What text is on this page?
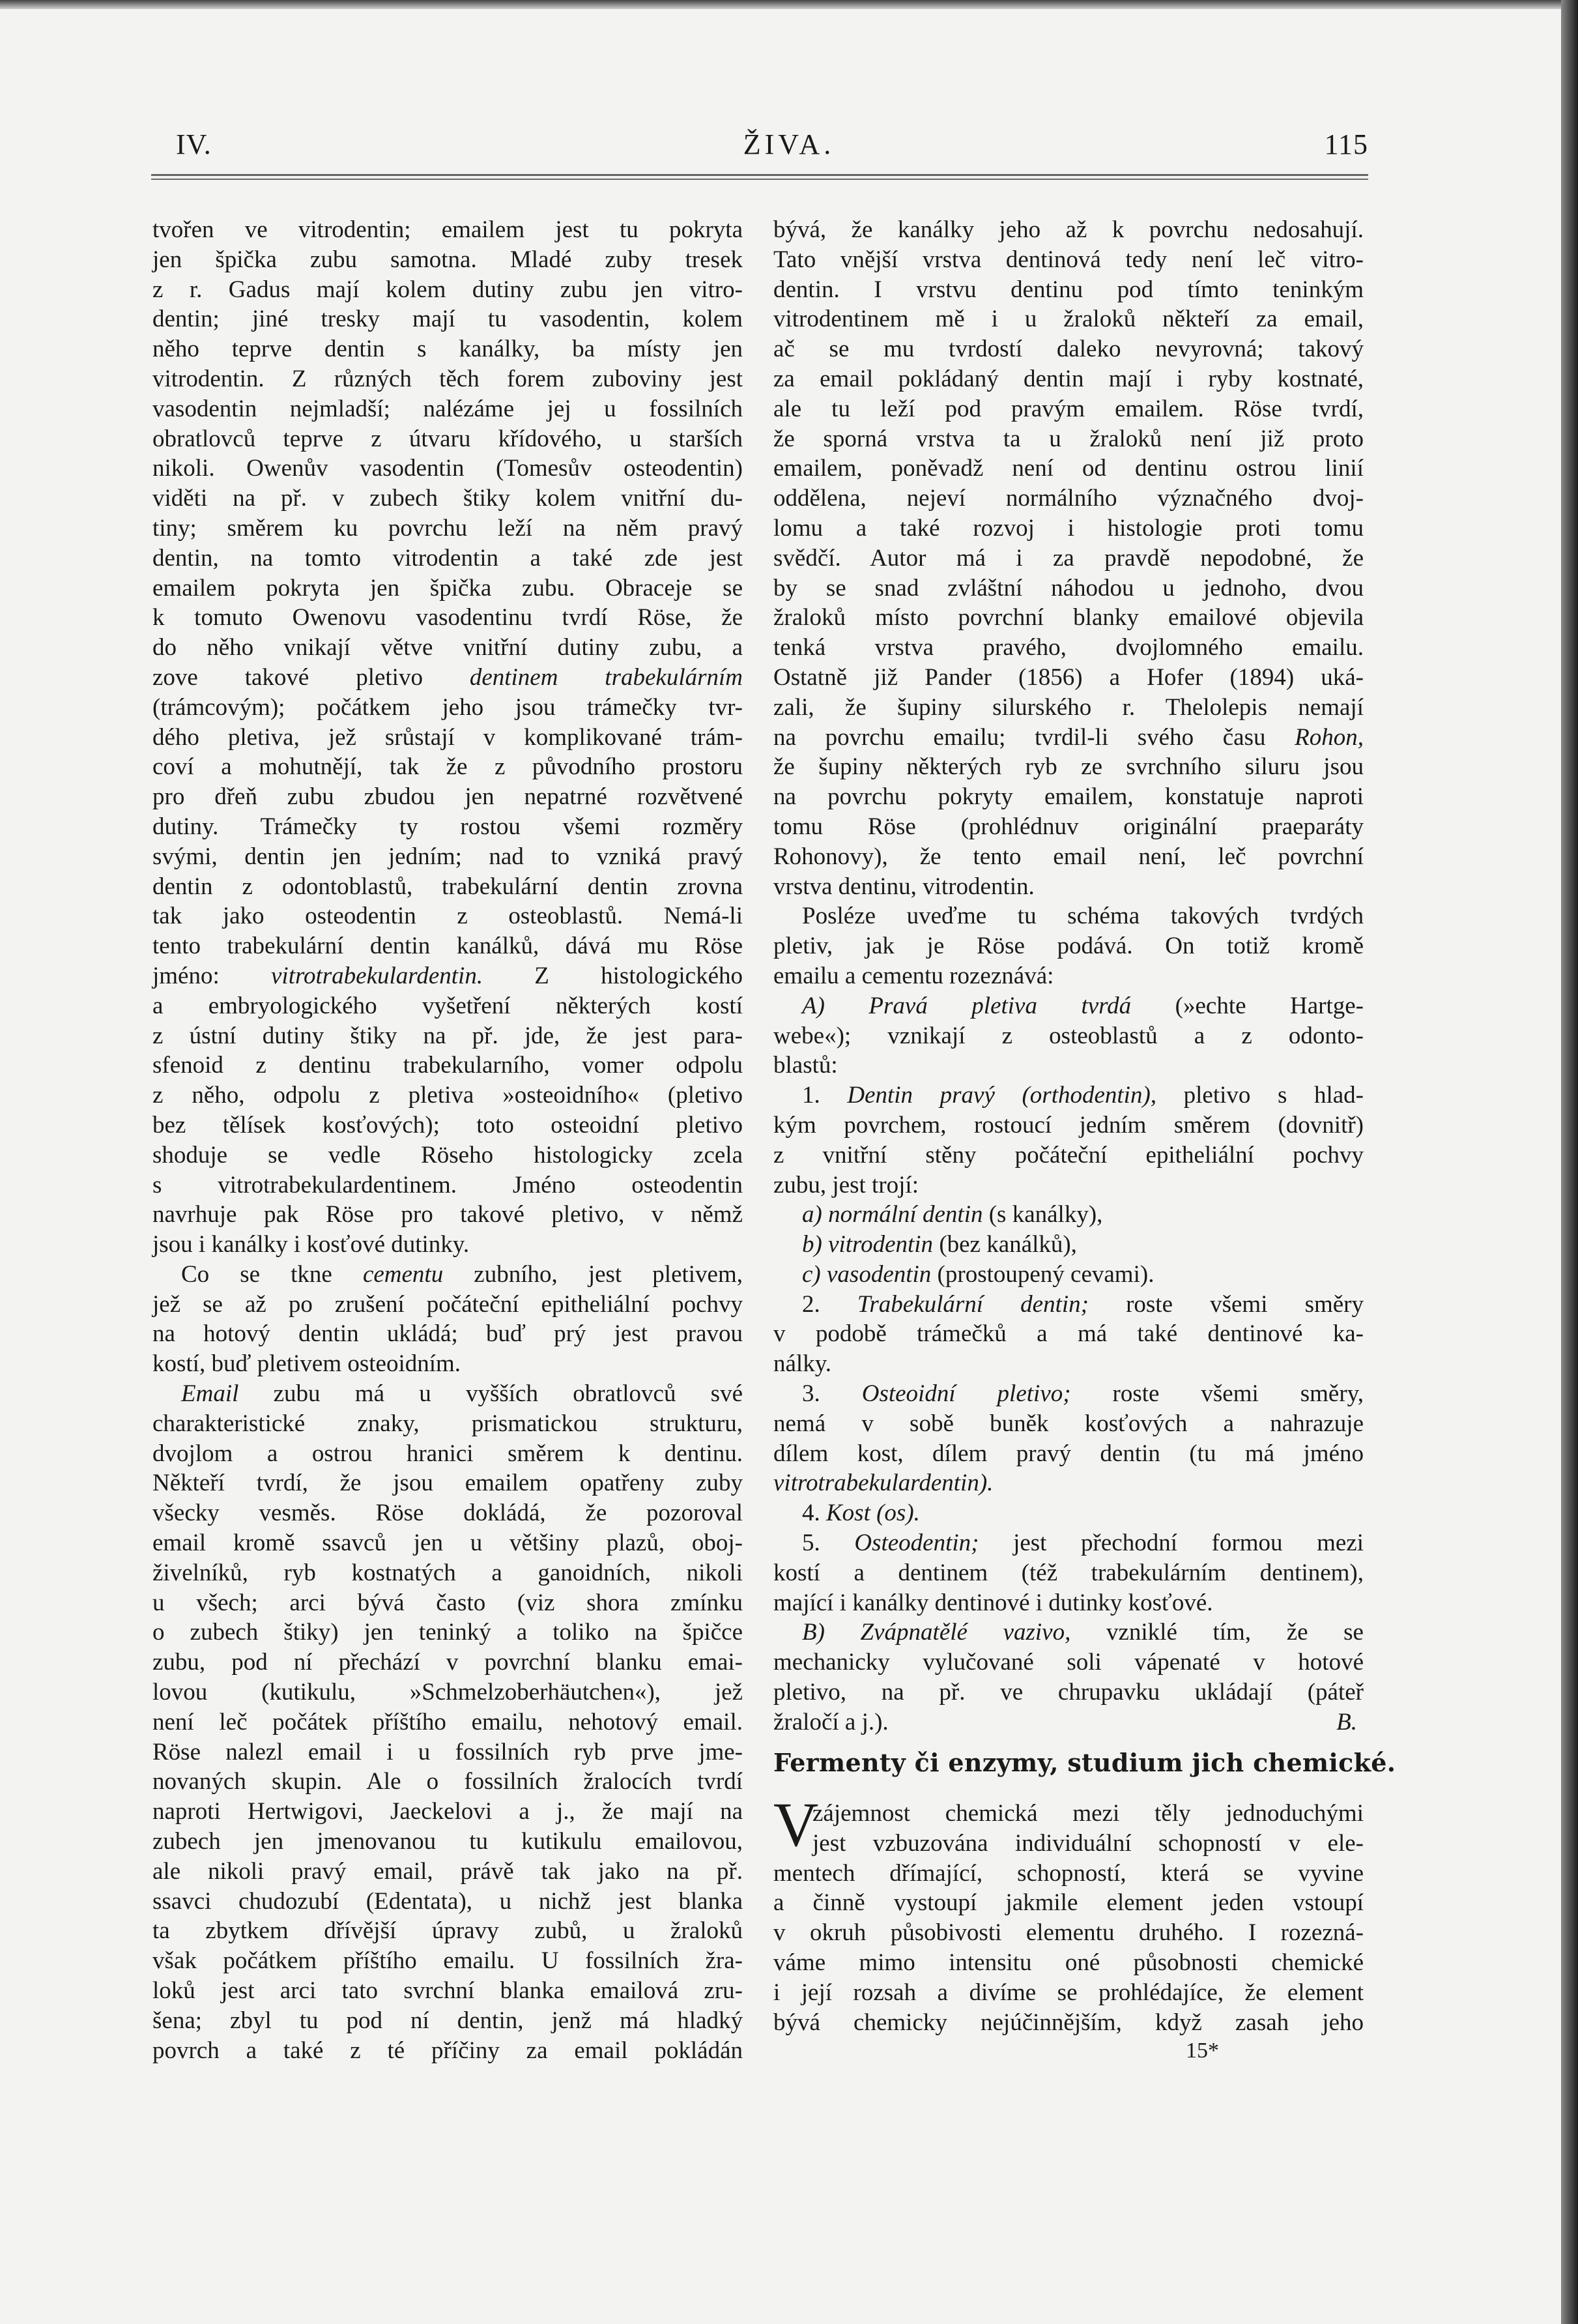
IV.	ŽIVA.	115
tvořen ve vitrodentin; emailem jest tu pokryta
jen špička zubu samotna. Mladé zuby tresek
z r. Gadus mají kolem dutiny zubu jen vitro-
dentin; jiné tresky mají tu vasodentin, kolem
něho teprve dentin s kanálky, ba místy jen
vitrodentin. Z různých těch forem zuboviny jest
vasodentin nejmladší; nalézáme jej u fossilních
obratlovců teprve z útvaru křídového, u starších
nikoli. Owenův vasodentin (Tomesův osteodentin)
viděti na př. v zubech štiky kolem vnitřní du-
tiny; směrem ku povrchu leží na něm pravý
dentin, na tomto vitrodentin a také zde jest
emailem pokryta jen špička zubu. Obraceje se
k tomuto Owenovu vasodentinu tvrdí Röse, že
do něho vnikají větve vnitřní dutiny zubu, a
zove takové pletivo dentinem trabekulárním
(trámcovým); počátkem jeho jsou trámečky tvr-
dého pletiva, jež srůstají v komplikované trám-
coví a mohutnějí, tak že z původního prostoru
pro dřeň zubu zbudou jen nepatrné rozvětvené
dutiny. Trámečky ty rostou všemi rozměry
svými, dentin jen jedním; nad to vzniká pravý
dentin z odontoblastů, trabekulární dentin zrovna
tak jako osteodentin z osteoblastů. Nemá-li
tento trabekulární dentin kanálků, dává mu Röse
jméno: vitrotrabekulardentin. Z histologického
a embryologického vyšetření některých kostí
z ústní dutiny štiky na př. jde, že jest para-
sfenoid z dentinu trabekularního, vomer odpolu
z něho, odpolu z pletiva »osteoidního« (pletivo
bez tělísek kosťových); toto osteoidní pletivo
shoduje se vedle Röseho histologicky zcela
s vitrotrabekulardentinem. Jméno osteodentin
navrhuje pak Röse pro takové pletivo, v němž
jsou i kanálky i kosťové dutinky.
Co se tkne cementu zubního, jest pletivem,
jež se až po zrušení počáteční epitheliální pochvy
na hotový dentin ukládá; buď prý jest pravou
kostí, buď pletivem osteoidním.
Email zubu má u vyšších obratlovců své
charakteristické znaky, prismatickou strukturu,
dvojlom a ostrou hranici směrem k dentinu.
Někteří tvrdí, že jsou emailem opatřeny zuby
všecky vesměs. Röse dokládá, že pozoroval
email kromě ssavců jen u většiny plazů, oboj-
živelníků, ryb kostnatých a ganoidních, nikoli
u všech; arci bývá často (viz shora zmínku
o zubech štiky) jen teninký a toliko na špičce
zubu, pod ní přechází v povrchní blanku emai-
lovou (kutikulu, »Schmelzoberhäutchen«), jež
není leč počátek příštího emailu, nehotový email.
Röse nalezl email i u fossilních ryb prve jme-
novaných skupin. Ale o fossilních žralocích tvrdí
naproti Hertwigovi, Jaeckelovi a j., že mají na
zubech jen jmenovanou tu kutikulu emailovou,
ale nikoli pravý email, právě tak jako na př.
ssavci chudozubí (Edentata), u nichž jest blanka
ta zbytkem dřívější úpravy zubů, u žraloků
však počátkem příštího emailu. U fossilních žra-
loků jest arci tato svrchní blanka emailová zru-
šena; zbyl tu pod ní dentin, jenž má hladký
povrch a také z té příčiny za email pokládán
bývá, že kanálky jeho až k povrchu nedosahují.
Tato vnější vrstva dentinová tedy není leč vitro-
dentin. I vrstvu dentinu pod tímto teninkým
vitrodentinem mě i u žraloků někteří za email,
ač se mu tvrdostí daleko nevyrovná; takový
za email pokládaný dentin mají i ryby kostnaté,
ale tu leží pod pravým emailem. Röse tvrdí,
že sporná vrstva ta u žraloků není již proto
emailem, poněvadž není od dentinu ostrou linií
oddělena, nejeví normálního význačného dvoj-
lomu a také rozvoj i histologie proti tomu
svědčí. Autor má i za pravdě nepodobné, že
by se snad zvláštní náhodou u jednoho, dvou
žraloků místo povrchní blanky emailové objevila
tenká vrstva pravého, dvojlomného emailu.
Ostatně již Pander (1856) a Hofer (1894) uká-
zali, že šupiny silurského r. Thelolepis nemají
na povrchu emailu; tvrdil-li svého času Rohon,
že šupiny některých ryb ze svrchního siluru jsou
na povrchu pokryty emailem, konstatuje naproti
tomu Röse (prohlédnuv originální praeparáty
Rohonovy), že tento email není, leč povrchní
vrstva dentinu, vitrodentin.
Posléze uveďme tu schéma takových tvrdých
pletiv, jak je Röse podává. On totiž kromě
emailu a cementu rozeznává:
A) Pravá pletiva tvrdá (»echte Hartge-
webe«); vznikají z osteoblastů a z odonto-
blastů:
1. Dentin pravý (orthodentin), pletivo s hlad-
kým povrchem, rostoucí jedním směrem (dovnitř)
z vnitřní stěny počáteční epitheliální pochvy
zubu, jest trojí:
a) normální dentin (s kanálky),
b) vitrodentin (bez kanálků),
c) vasodentin (prostoupený cevami).
2. Trabekulární dentin; roste všemi směry
v podobě trámečků a má také dentinové ka-
nálky.
3. Osteoidní pletivo; roste všemi směry,
nemá v sobě buněk kosťových a nahrazuje
dílem kost, dílem pravý dentin (tu má jméno
vitrotrabekulardentin).
4. Kost (os).
5. Osteodentin; jest přechodní formou mezi
kostí a dentinem (též trabekulárním dentinem),
mající i kanálky dentinové i dutinky kosťové.
B) Zvápnatělé vazivo, vzniklé tím, že se
mechanicky vylučované soli vápenaté v hotové
pletivo, na př. ve chrupavku ukládají (páteř
žraločí a j.).	B.
Fermenty či enzymy, studium jich chemické.
V
zájemnost chemická mezi těly jednoduchými
jest vzbuzována individuální schopností v ele-
mentech dřímající, schopností, která se vyvine
a činně vystoupí jakmile element jeden vstoupí
v okruh působivosti elementu druhého. I rozezná-
váme mimo intensitu oné působnosti chemické
i její rozsah a divíme se prohlédajíce, že element
bývá chemicky nejúčinnějším, když zasah jeho
15*
